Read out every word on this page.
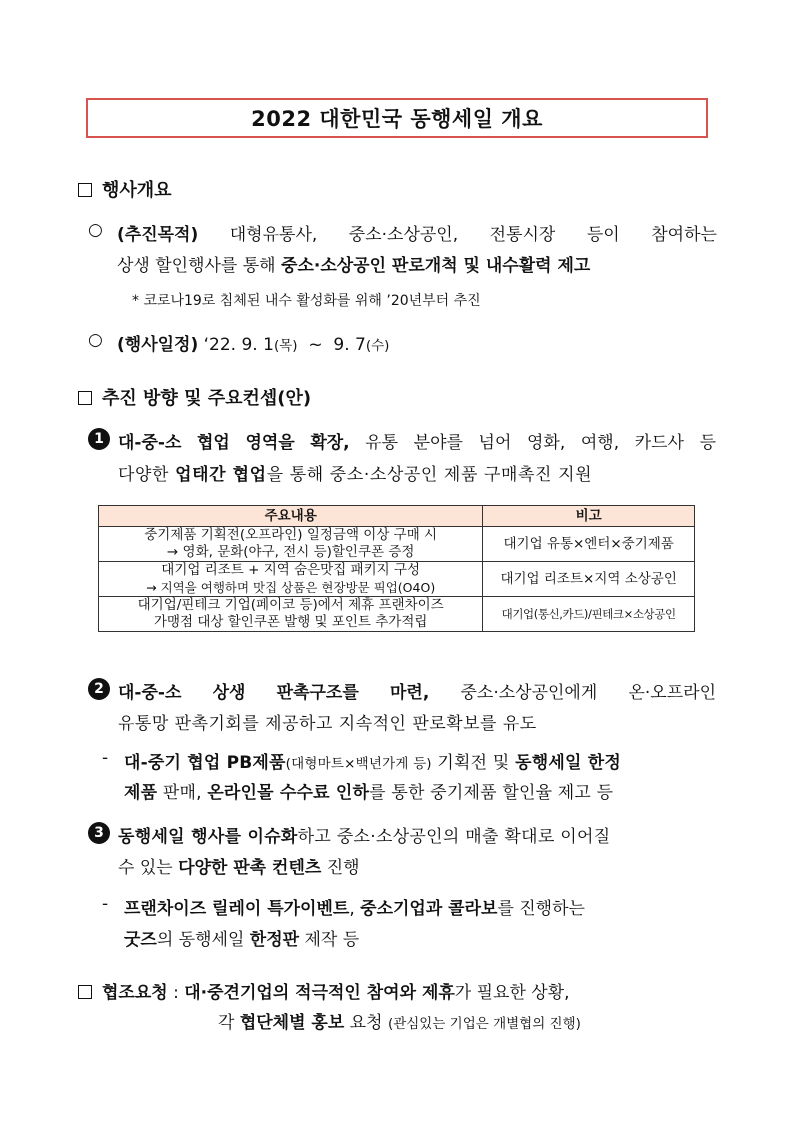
2022 대한민국 동행세일 개요
행사개요
○ (추진목적) 대형유통사, 중소·소상공인, 전통시장 등이 참여하는
상생 할인행사를 통해 중소·소상공인 판로개척 및 내수활력 제고
* 코로나19로 침체된 내수 활성화를 위해 ’20년부터 추진
○ (행사일정) ‘22. 9. 1(목) ~ 9. 7(수)
추진 방향 및 주요컨셉(안)
1 대-중-소 협업 영역을 확장, 유통 분야를 넘어 영화, 여행, 카드사 등
다양한 업태간 협업을 통해 중소·소상공인 제품 구매촉진 지원
주요내용	비고

중기제품 기획전(오프라인) 일정금액 이상 구매 시
→ 영화, 문화(야구, 전시 등)할인쿠폰 증정	대기업 유통×엔터×중기제품

대기업 리조트 + 지역 숨은맛집 패키지 구성
→ 지역을 여행하며 맛집 상품은 현장방문 픽업(O4O)	대기업 리조트×지역 소상공인

대기업/핀테크 기업(페이코 등)에서 제휴 프랜차이즈
가맹점 대상 할인쿠폰 발행 및 포인트 추가적립	대기업(통신,카드)/핀테크×소상공인
2 대-중-소 상생 판촉구조를 마련, 중소·소상공인에게 온·오프라인
유통망 판촉기회를 제공하고 지속적인 판로확보를 유도
- 대-중기 협업 PB제품(대형마트×백년가게 등) 기획전 및 동행세일 한정
제품 판매, 온라인몰 수수료 인하를 통한 중기제품 할인율 제고 등
3 동행세일 행사를 이슈화하고 중소·소상공인의 매출 확대로 이어질
수 있는 다양한 판촉 컨텐츠 진행
- 프랜차이즈 릴레이 특가이벤트, 중소기업과 콜라보를 진행하는
굿즈의 동행세일 한정판 제작 등
협조요청 : 대·중견기업의 적극적인 참여와 제휴가 필요한 상황,
각 협단체별 홍보 요청 (관심있는 기업은 개별협의 진행)
